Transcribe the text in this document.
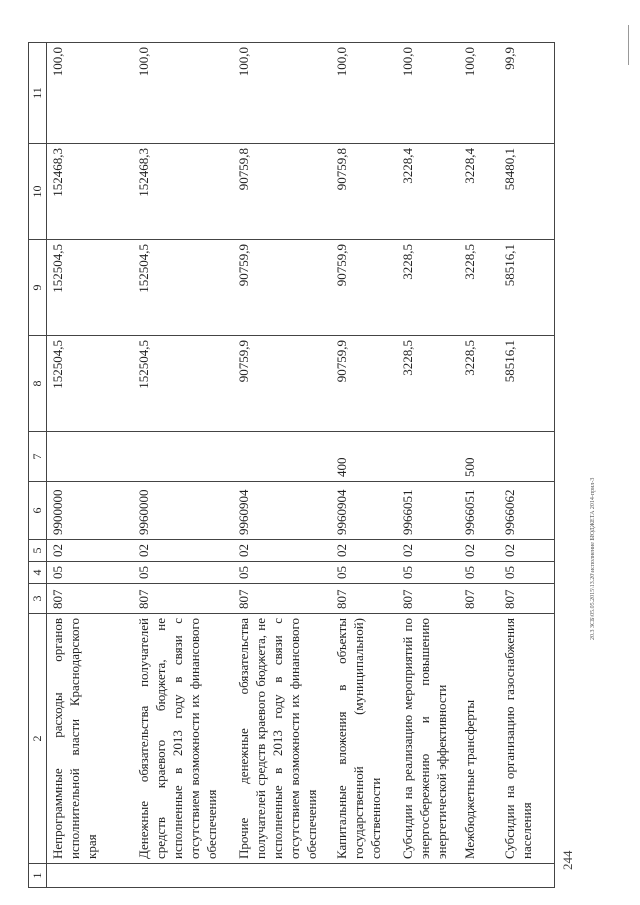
1	2	3	4	5	6	7	8	9	10	11
	Непрограммные расходы органов исполнительной власти Краснодарского края	807	05	02	9900000		152504,5	152504,5	152468,3	100,0
	Денежные обязательства получателей средств краевого бюджета, не исполненные в 2013 году в связи с отсутствием возможности их финансового обеспечения	807	05	02	9960000		152504,5	152504,5	152468,3	100,0
	Прочие денежные обязательства получателей средств краевого бюджета, не исполненные в 2013 году в связи с отсутствием возможности их финансового обеспечения	807	05	02	9960904		90759,9	90759,9	90759,8	100,0
	Капитальные вложения в объекты государственной (муниципальной) собственности	807	05	02	9960904	400	90759,9	90759,9	90759,8	100,0
	Субсидии на реализацию мероприятий по энергосбережению и повышению энергетической эффективности	807	05	02	9966051		3228,5	3228,5	3228,4	100,0
	Межбюджетные трансферты	807	05	02	9966051	500	3228,5	3228,5	3228,4	100,0
	Субсидии на организацию газоснабжения населения	807	05	02	9966062		58516,1	58516,1	58480,1	99,9
20.3 ЗСБ\05.05.2015\13.20\исполнение БЮДЖЕТА 2014-прил-3
244
